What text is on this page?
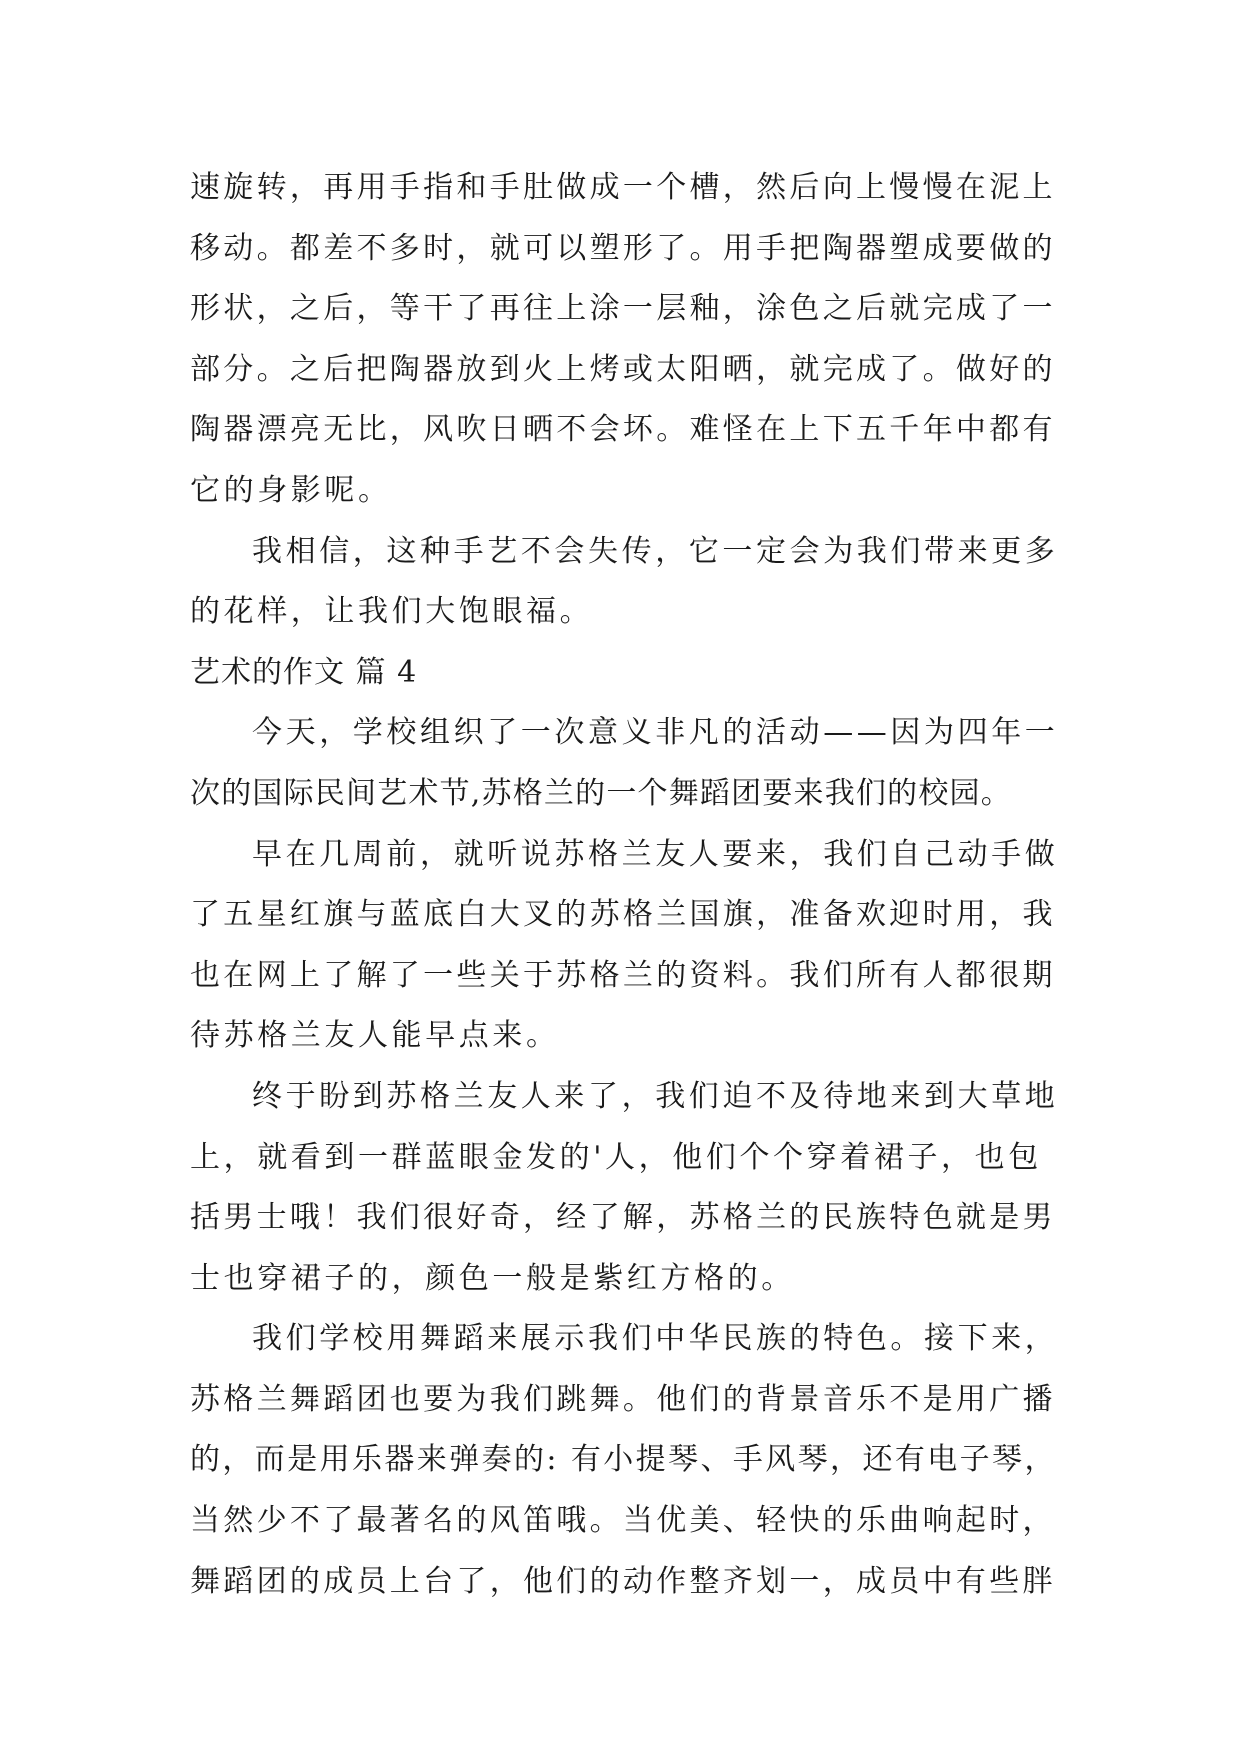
速旋转，再用手指和手肚做成一个槽，然后向上慢慢在泥上
移动。都差不多时，就可以塑形了。用手把陶器塑成要做的
形状，之后，等干了再往上涂一层釉，涂色之后就完成了一
部分。之后把陶器放到火上烤或太阳晒，就完成了。做好的
陶器漂亮无比，风吹日晒不会坏。难怪在上下五千年中都有
它的身影呢。
我相信，这种手艺不会失传，它一定会为我们带来更多
的花样，让我们大饱眼福。
艺术的作文 篇 4
今天，学校组织了一次意义非凡的活动——因为四年一
次的国际民间艺术节,苏格兰的一个舞蹈团要来我们的校园。
早在几周前，就听说苏格兰友人要来，我们自己动手做
了五星红旗与蓝底白大叉的苏格兰国旗，准备欢迎时用，我
也在网上了解了一些关于苏格兰的资料。我们所有人都很期
待苏格兰友人能早点来。
终于盼到苏格兰友人来了，我们迫不及待地来到大草地
上，就看到一群蓝眼金发的'人，他们个个穿着裙子，也包
括男士哦！我们很好奇，经了解，苏格兰的民族特色就是男
士也穿裙子的，颜色一般是紫红方格的。
我们学校用舞蹈来展示我们中华民族的特色。接下来，
苏格兰舞蹈团也要为我们跳舞。他们的背景音乐不是用广播
的，而是用乐器来弹奏的: 有小提琴、手风琴，还有电子琴，
当然少不了最著名的风笛哦。当优美、轻快的乐曲响起时，
舞蹈团的成员上台了，他们的动作整齐划一，成员中有些胖
